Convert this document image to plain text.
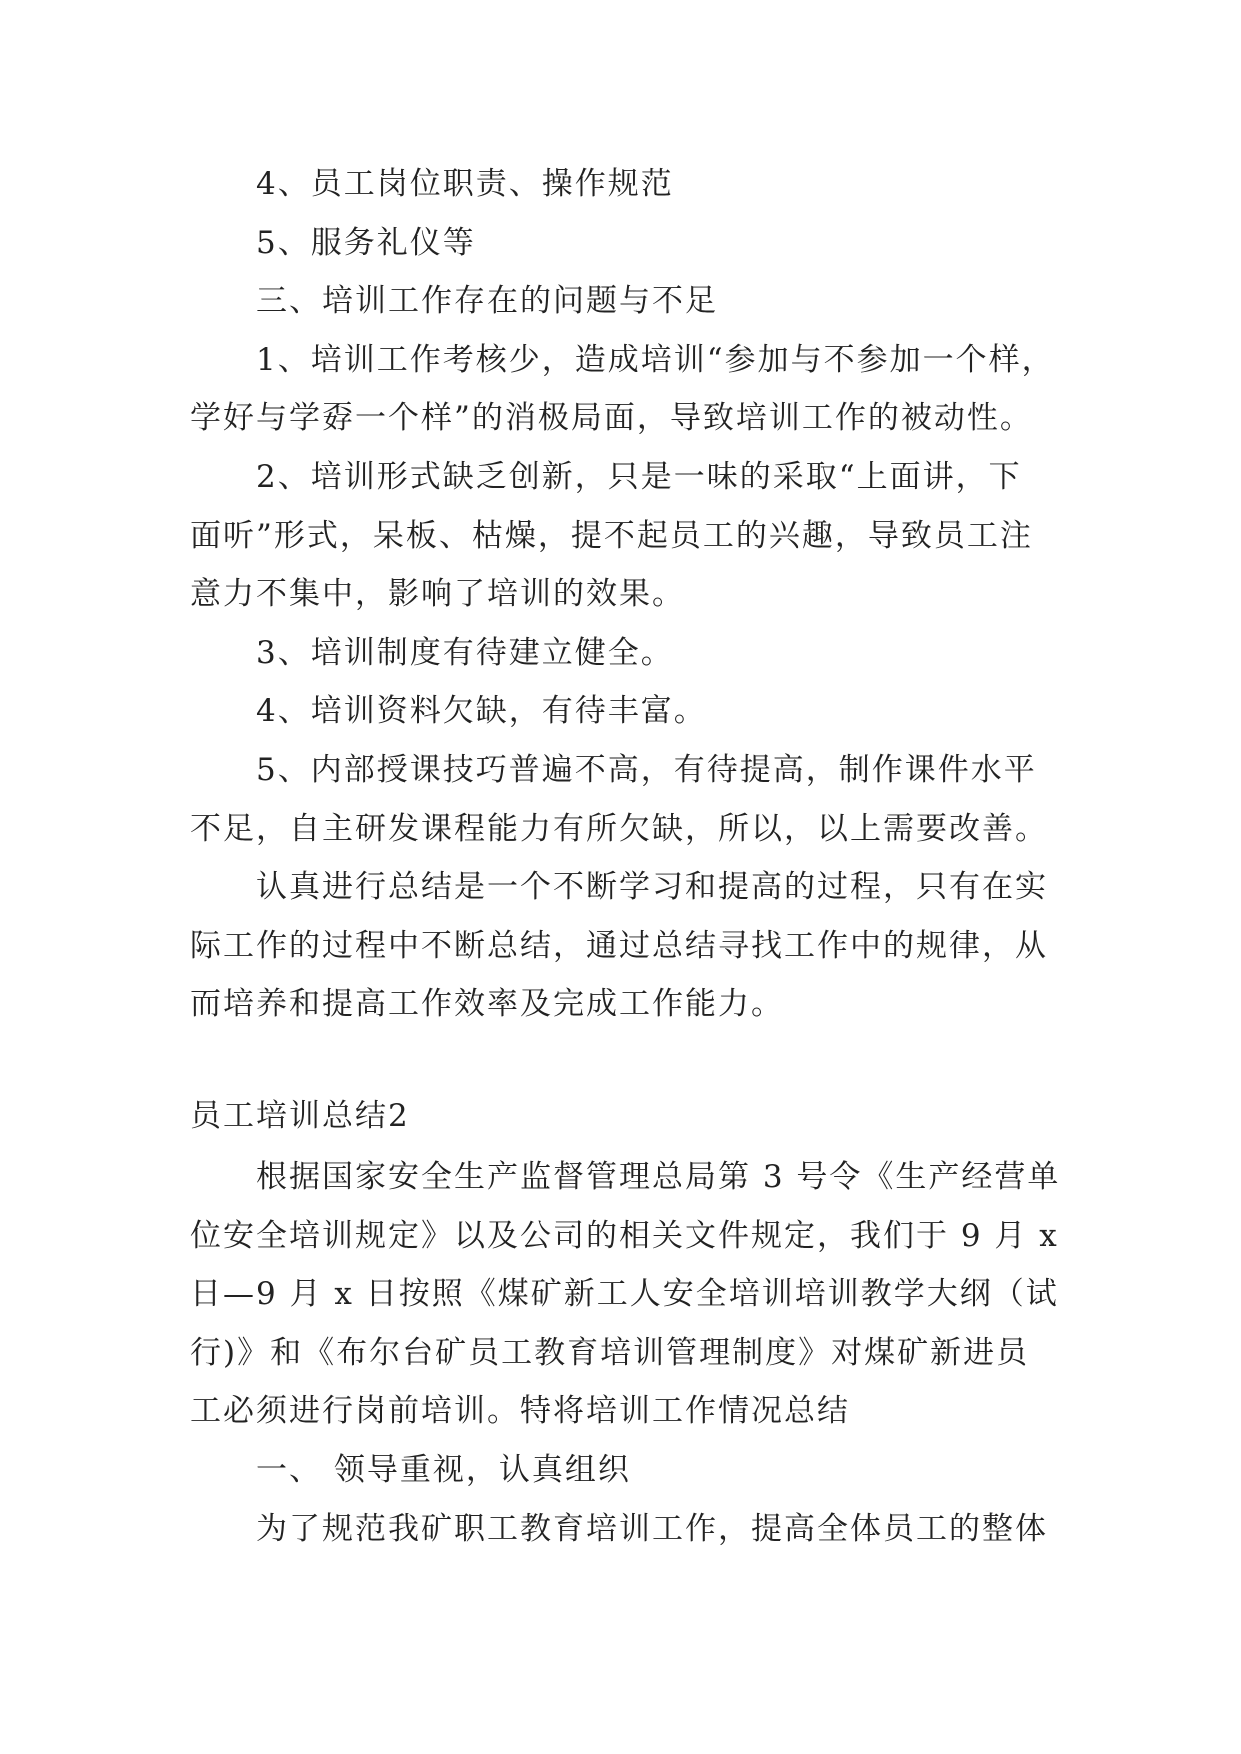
4、员工岗位职责、操作规范
5、服务礼仪等
三、培训工作存在的问题与不足
1、培训工作考核少，造成培训“参加与不参加一个样，
学好与学孬一个样”的消极局面，导致培训工作的被动性。
2、培训形式缺乏创新，只是一味的采取“上面讲，下
面听”形式，呆板、枯燥，提不起员工的兴趣，导致员工注
意力不集中，影响了培训的效果。
3、培训制度有待建立健全。
4、培训资料欠缺，有待丰富。
5、内部授课技巧普遍不高，有待提高，制作课件水平
不足，自主研发课程能力有所欠缺，所以，以上需要改善。
认真进行总结是一个不断学习和提高的过程，只有在实
际工作的过程中不断总结，通过总结寻找工作中的规律，从
而培养和提高工作效率及完成工作能力。
员工培训总结2
根据国家安全生产监督管理总局第 3 号令《生产经营单
位安全培训规定》以及公司的相关文件规定，我们于 9 月 x
日—9 月 x 日按照《煤矿新工人安全培训培训教学大纲（试
行)》和《布尔台矿员工教育培训管理制度》对煤矿新进员
工必须进行岗前培训。特将培训工作情况总结
一、 领导重视，认真组织
为了规范我矿职工教育培训工作，提高全体员工的整体
